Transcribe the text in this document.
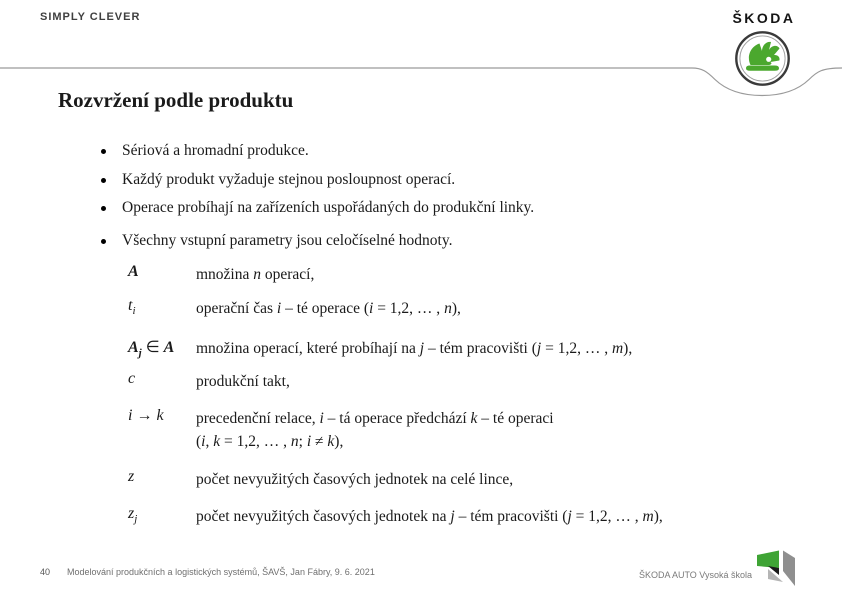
SIMPLY CLEVER	ŠKODA
Rozvržení podle produktu
Sériová a hromadní produkce.
Každý produkt vyžaduje stejnou posloupnost operací.
Operace probíhají na zařízeních uspořádaných do produkční linky.
Všechny vstupní parametry jsou celočíselné hodnoty.
A	množina n operací,
$t_i$	operační čas i – té operace (i = 1,2, … , n),
$A_j$ ∈ A	množina operací, které probíhají na j – tém pracovišti (j = 1,2, … , m),
c	produkční takt,
i → k	precedenční relace, i – tá operace předchází k – té operaci
(i, k = 1,2, … , n; i ≠ k),
z	počet nevyužitých časových jednotek na celé lince,
$z_j$	počet nevyužitých časových jednotek na j – tém pracovišti (j = 1,2, … , m),
40 Modelování produkčních a logistických systémů, ŠAVŠ, Jan Fábry, 9. 6. 2021	ŠKODA AUTO Vysoká škola
